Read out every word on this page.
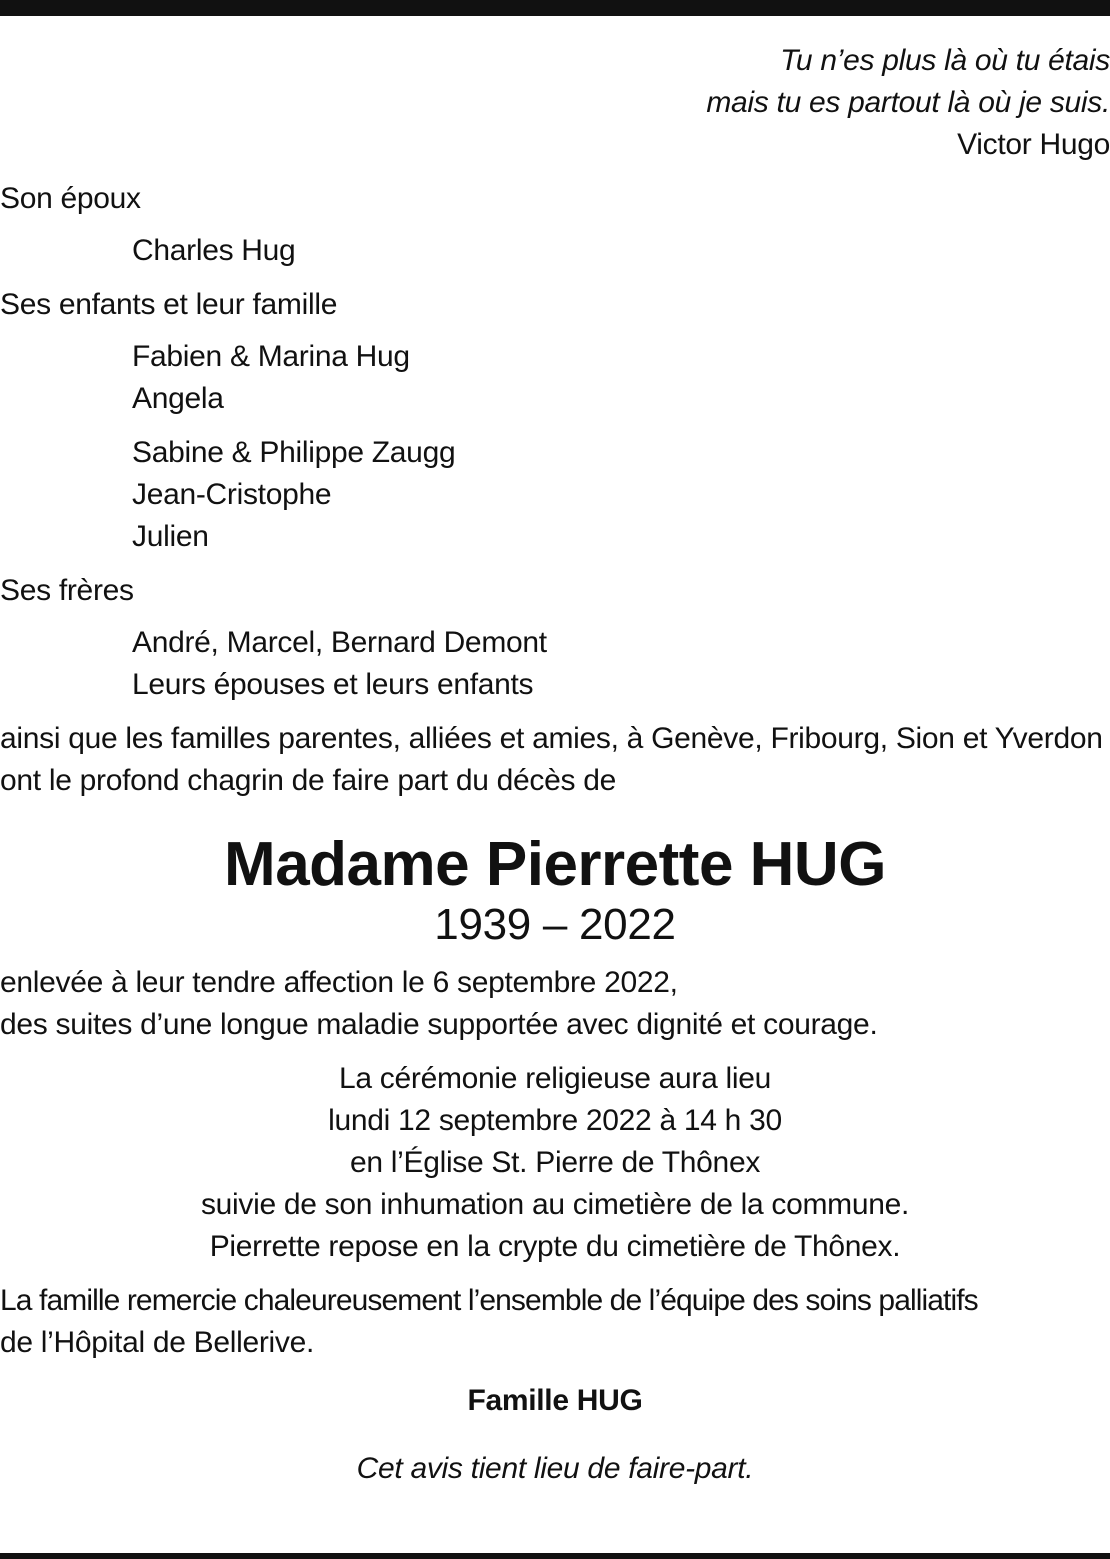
Tu n’es plus là où tu étais
mais tu es partout là où je suis.
Victor Hugo
Son époux
Charles Hug
Ses enfants et leur famille
Fabien & Marina Hug
Angela
Sabine & Philippe Zaugg
Jean-Cristophe
Julien
Ses frères
André, Marcel, Bernard Demont
Leurs épouses et leurs enfants
ainsi que les familles parentes, alliées et amies, à Genève, Fribourg, Sion et Yverdon
ont le profond chagrin de faire part du décès de
Madame Pierrette HUG
1939 – 2022
enlevée à leur tendre affection le 6 septembre 2022,
des suites d’une longue maladie supportée avec dignité et courage.
La cérémonie religieuse aura lieu
lundi 12 septembre 2022 à 14 h 30
en l’Église St. Pierre de Thônex
suivie de son inhumation au cimetière de la commune.
Pierrette repose en la crypte du cimetière de Thônex.
La famille remercie chaleureusement l’ensemble de l’équipe des soins palliatifs
de l’Hôpital de Bellerive.
Famille HUG
Cet avis tient lieu de faire-part.
